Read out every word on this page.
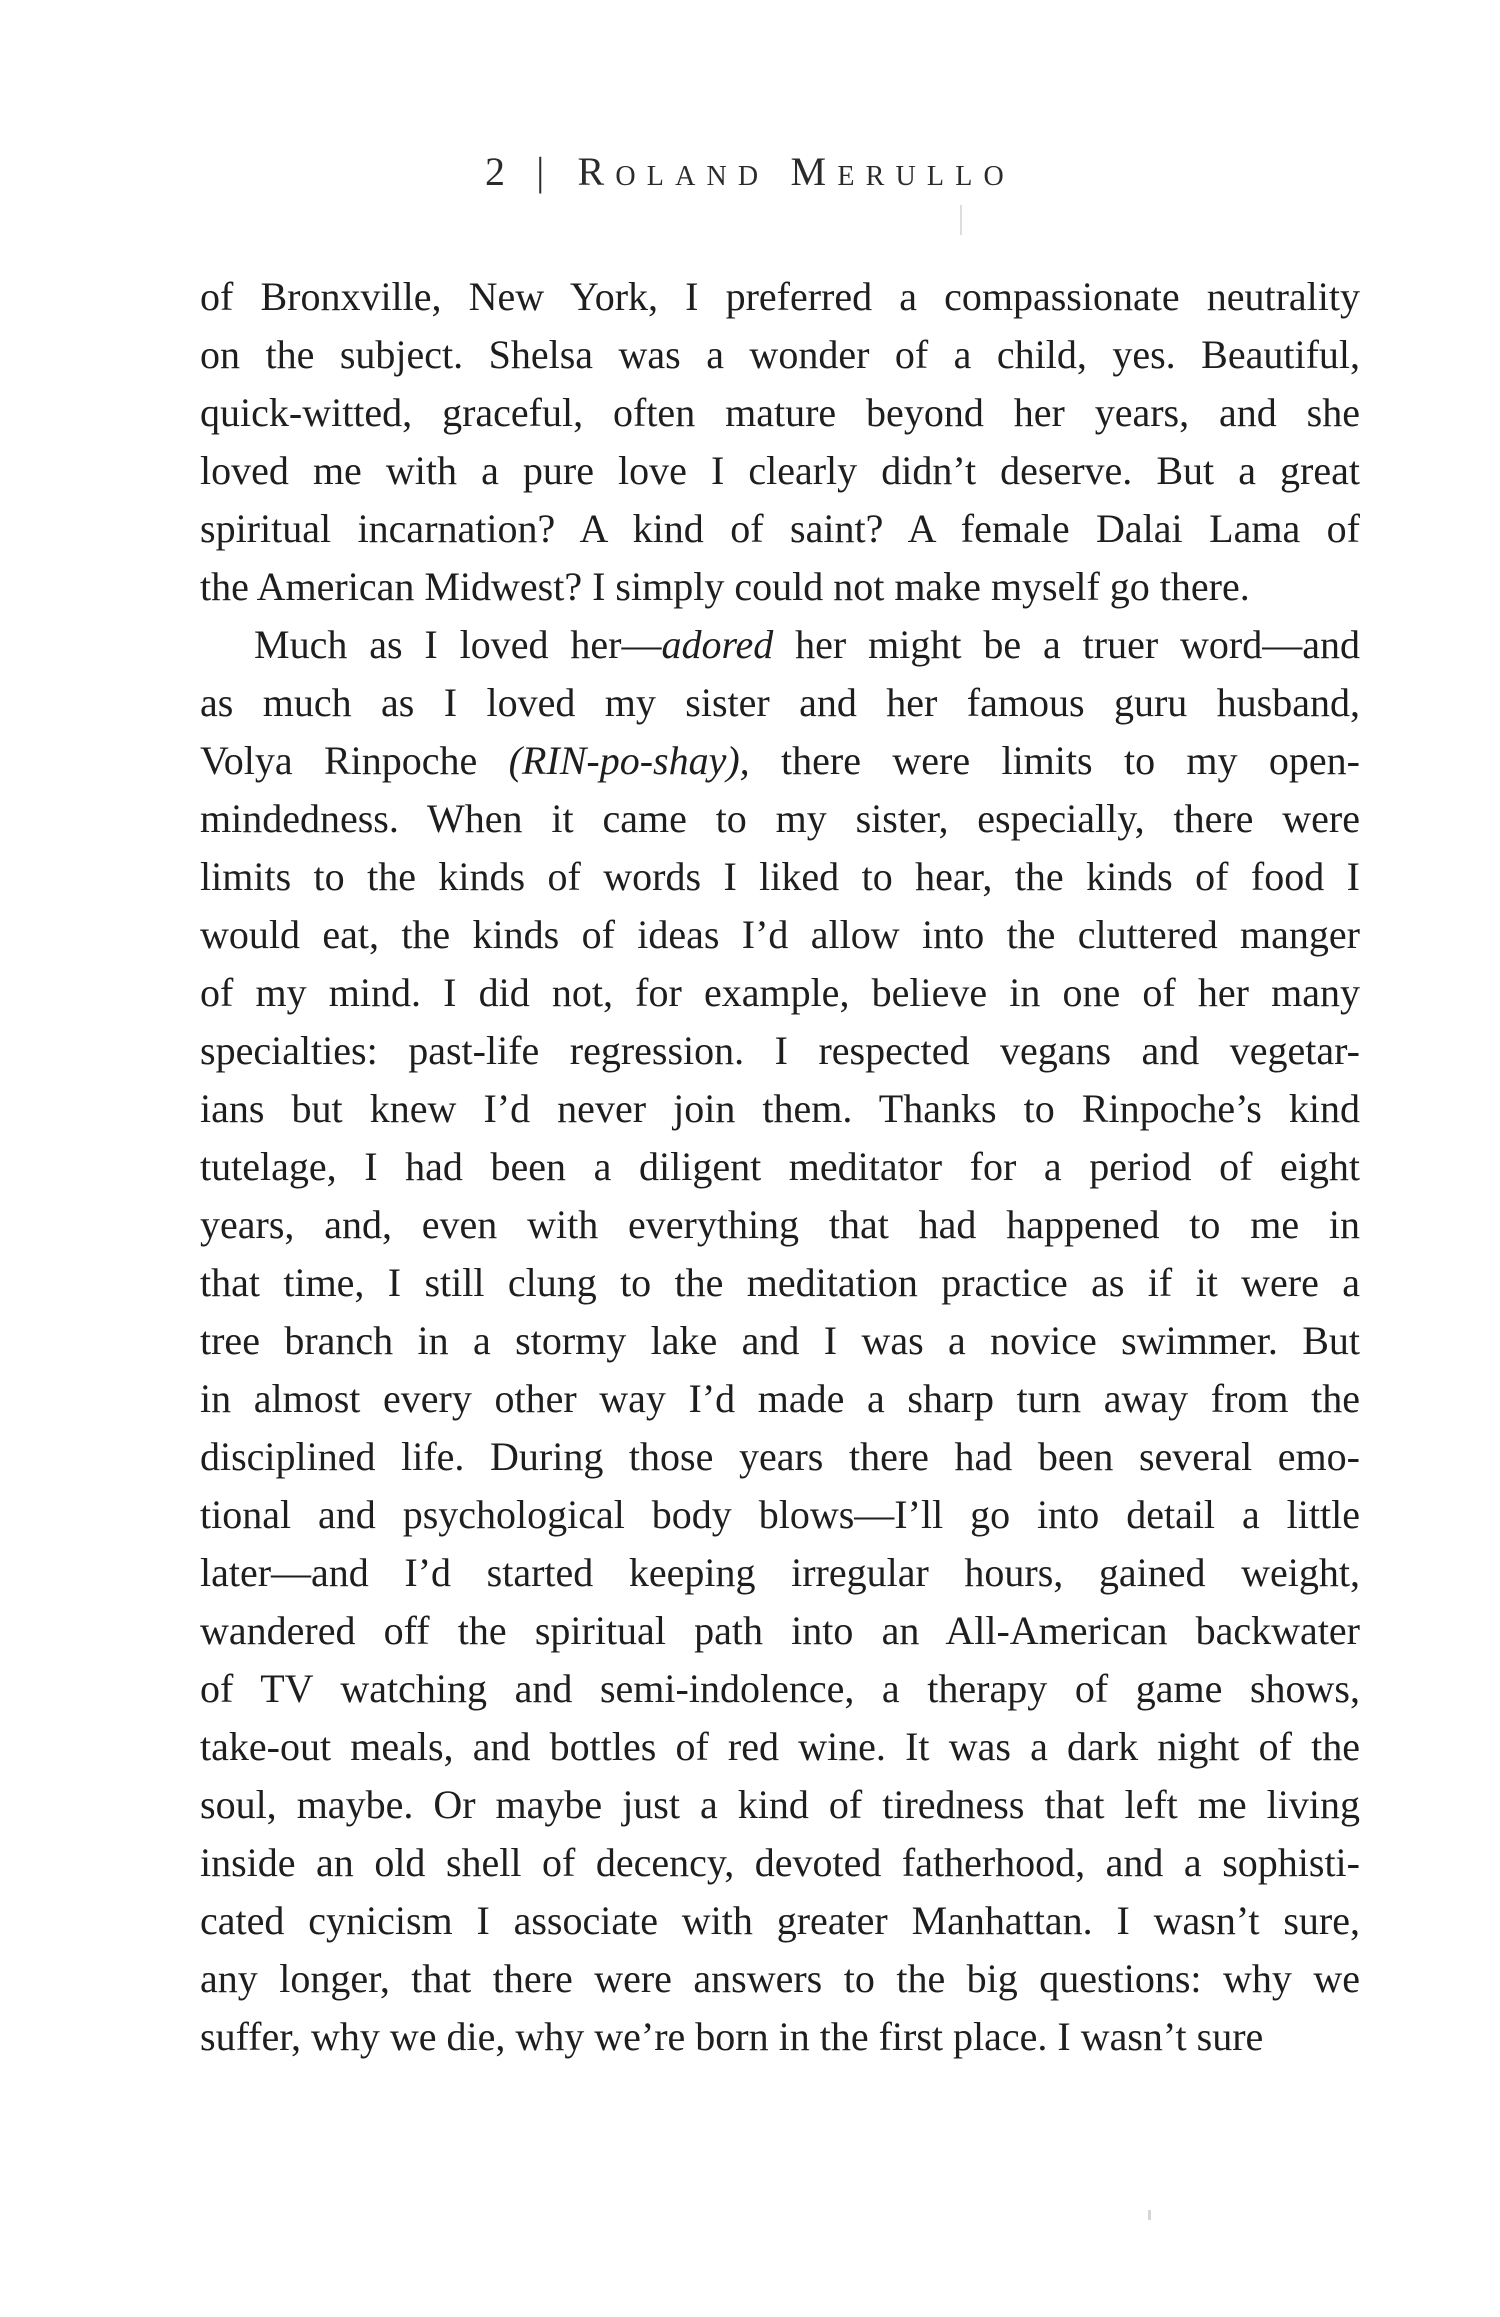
2 | Roland Merullo
of Bronxville, New York, I preferred a compassionate neutrality
on the subject. Shelsa was a wonder of a child, yes. Beautiful,
quick-witted, graceful, often mature beyond her years, and she
loved me with a pure love I clearly didn’t deserve. But a great
spiritual incarnation? A kind of saint? A female Dalai Lama of
the American Midwest? I simply could not make myself go there.
Much as I loved her—adored her might be a truer word—and
as much as I loved my sister and her famous guru husband,
Volya Rinpoche (RIN-po-shay), there were limits to my open-
mindedness. When it came to my sister, especially, there were
limits to the kinds of words I liked to hear, the kinds of food I
would eat, the kinds of ideas I’d allow into the cluttered manger
of my mind. I did not, for example, believe in one of her many
specialties: past-life regression. I respected vegans and vegetar-
ians but knew I’d never join them. Thanks to Rinpoche’s kind
tutelage, I had been a diligent meditator for a period of eight
years, and, even with everything that had happened to me in
that time, I still clung to the meditation practice as if it were a
tree branch in a stormy lake and I was a novice swimmer. But
in almost every other way I’d made a sharp turn away from the
disciplined life. During those years there had been several emo-
tional and psychological body blows—I’ll go into detail a little
later—and I’d started keeping irregular hours, gained weight,
wandered off the spiritual path into an All-American backwater
of TV watching and semi-indolence, a therapy of game shows,
take-out meals, and bottles of red wine. It was a dark night of the
soul, maybe. Or maybe just a kind of tiredness that left me living
inside an old shell of decency, devoted fatherhood, and a sophisti-
cated cynicism I associate with greater Manhattan. I wasn’t sure,
any longer, that there were answers to the big questions: why we
suffer, why we die, why we’re born in the first place. I wasn’t sure
